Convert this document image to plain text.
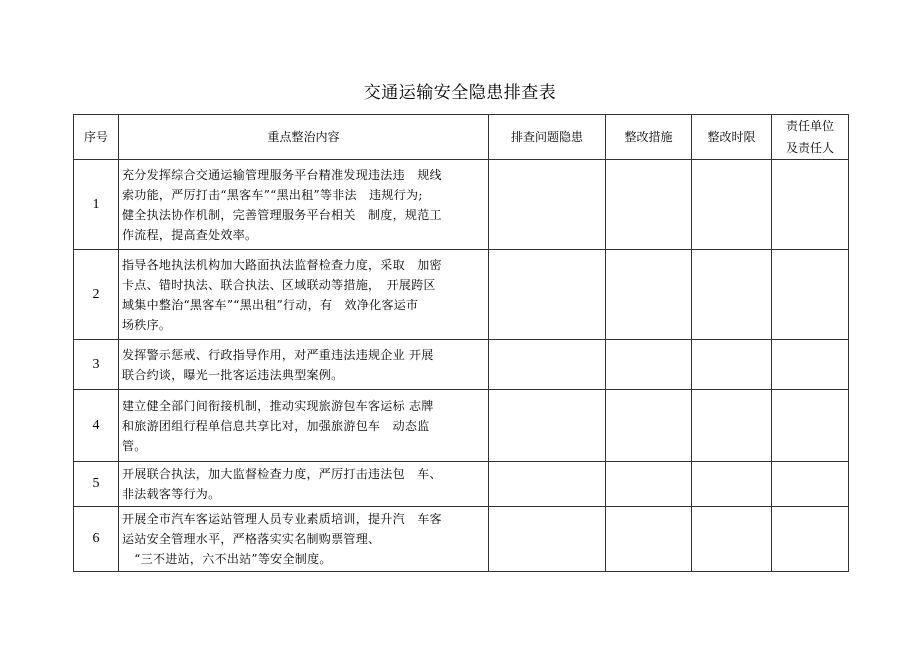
交通运输安全隐患排查表
序号	重点整治内容	排查问题隐患	整改措施	整改时限	责任单位
及责任人
1	充分发挥综合交通运输管理服务平台精准发现违法违　规线
索功能，严厉打击“黑客车”“黑出租”等非法　违规行为;
健全执法协作机制，完善管理服务平台相关　制度，规范工
作流程，提高查处效率。				
2	指导各地执法机构加大路面执法监督检查力度，采取　加密
卡点、错时执法、联合执法、区域联动等措施，　开展跨区
域集中整治“黑客车”“黑出租”行动，有　效净化客运市
场秩序。				
3	发挥警示惩戒、行政指导作用，对严重违法违规企业 开展
联合约谈，曝光一批客运违法典型案例。				
4	建立健全部门间衔接机制，推动实现旅游包车客运标 志牌
和旅游团组行程单信息共享比对，加强旅游包车　动态监
管。				
5	开展联合执法，加大监督检查力度，严厉打击违法包　车、
非法载客等行为。				
6	开展全市汽车客运站管理人员专业素质培训，提升汽　车客
运站安全管理水平，严格落实实名制购票管理、
　“三不进站，六不出站”等安全制度。				
